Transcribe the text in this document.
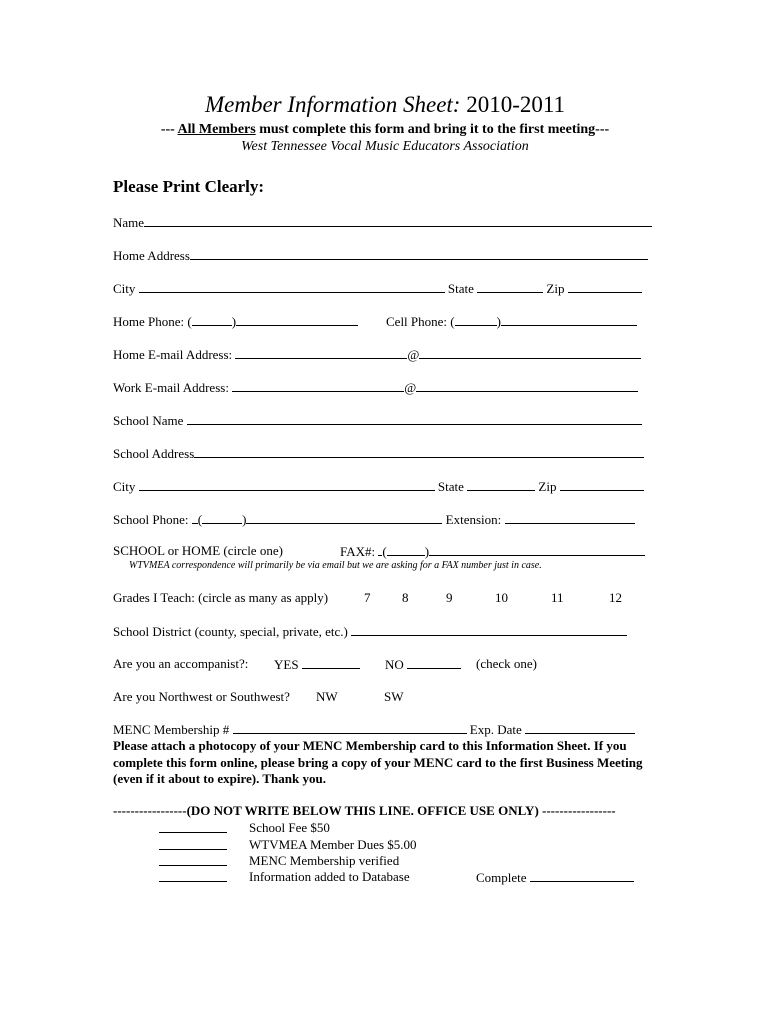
Member Information Sheet: 2010-2011
--- All Members must complete this form and bring it to the first meeting---
West Tennessee Vocal Music Educators Association
Please Print Clearly:
Name
Home Address
City	State	Zip
Home Phone: (	)	Cell Phone: (	)
Home E-mail Address:	@
Work E-mail Address:	@
School Name
School Address
City	State	Zip
School Phone: (	)	Extension:
SCHOOL or HOME (circle one)	FAX#: (	)
WTVMEA correspondence will primarily be via email but we are asking for a FAX number just in case.
Grades I Teach: (circle as many as apply)	7 8	9	10	11	12
School District (county, special, private, etc.)
Are you an accompanist?: YES	NO	(check one)
Are you Northwest or Southwest? NW	SW
MENC Membership #	Exp. Date
Please attach a photocopy of your MENC Membership card to this Information Sheet. If you complete this form online, please bring a copy of your MENC card to the first Business Meeting (even if it about to expire). Thank you.
-----------------(DO NOT WRITE BELOW THIS LINE. OFFICE USE ONLY) -----------------
School Fee $50
WTVMEA Member Dues $5.00
MENC Membership verified
Information added to Database	Complete
